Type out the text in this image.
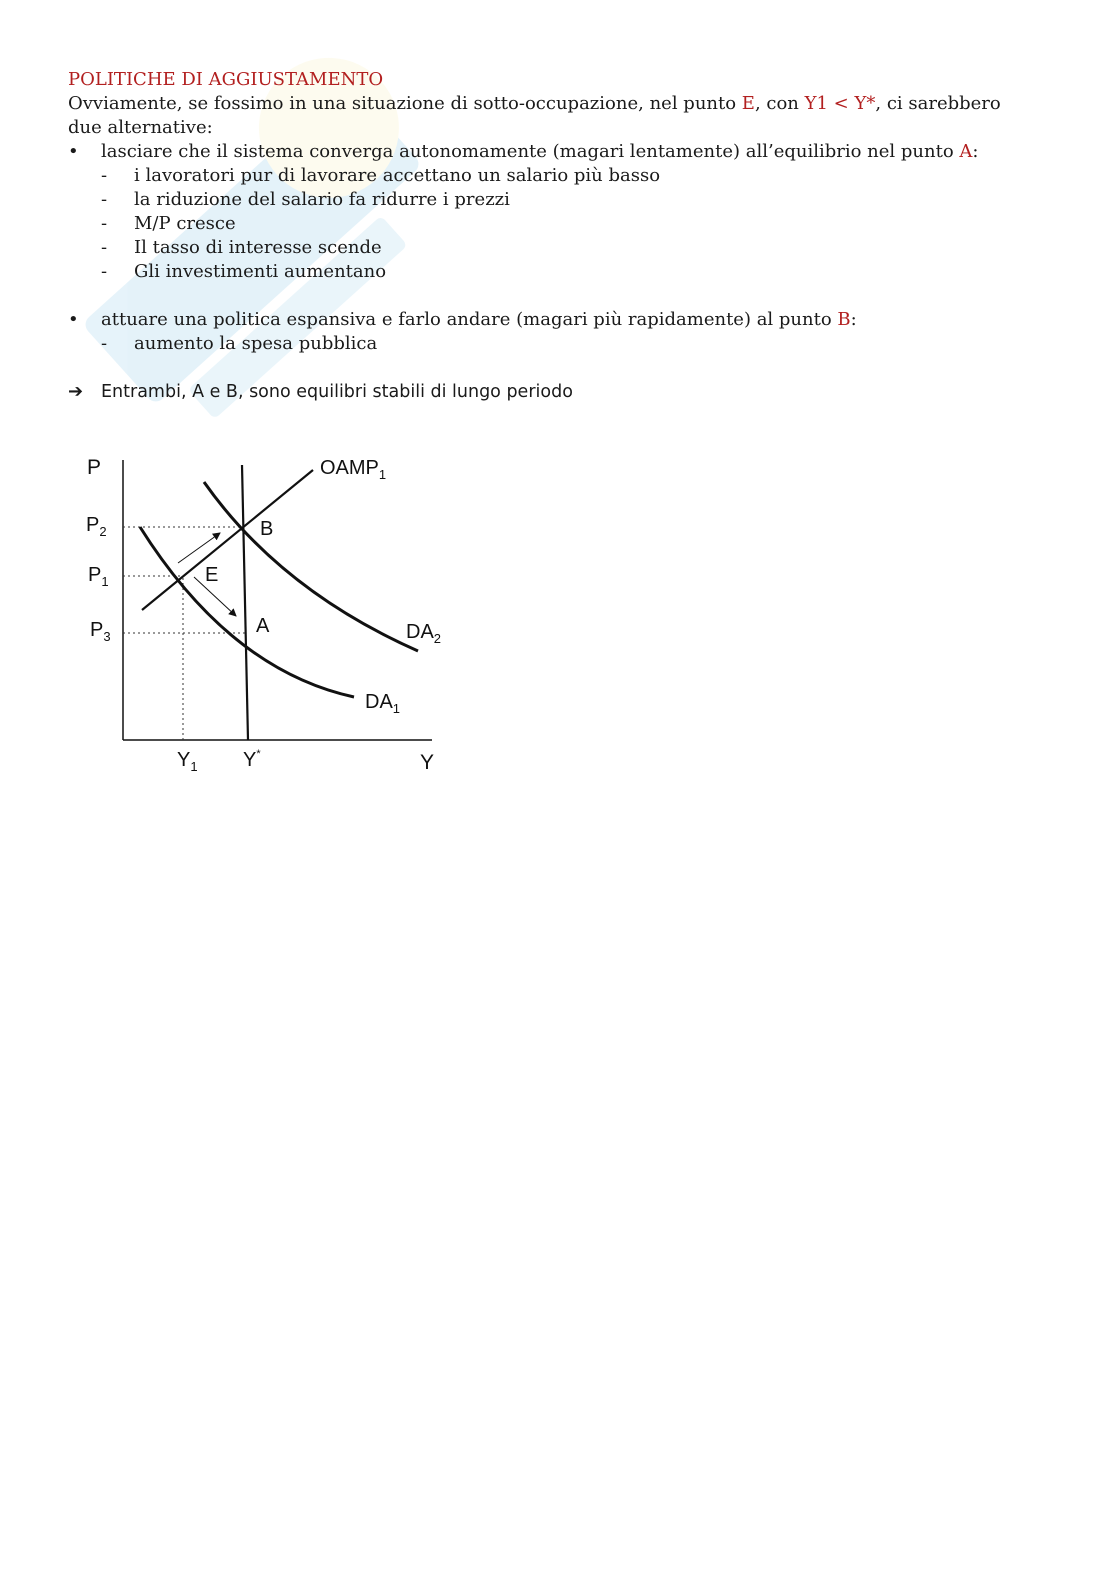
POLITICHE DI AGGIUSTAMENTO
Ovviamente, se fossimo in una situazione di sotto-occupazione, nel punto E, con Y1 < Y*, ci sarebbero due alternative:
• lasciare che il sistema converga autonomamente (magari lentamente) all’equilibrio nel punto A:
- i lavoratori pur di lavorare accettano un salario più basso
- la riduzione del salario fa ridurre i prezzi
- M/P cresce
- Il tasso di interesse scende
- Gli investimenti aumentano
• attuare una politica espansiva e farlo andare (magari più rapidamente) al punto B:
- aumento la spesa pubblica
➔ Entrambi, A e B, sono equilibri stabili di lungo periodo
P
Y
$P_2$
$P_1$
$P_3$
$Y_1$ Y*
$OAMP_1$
$DA_1$
$DA_2$
B
E
A
